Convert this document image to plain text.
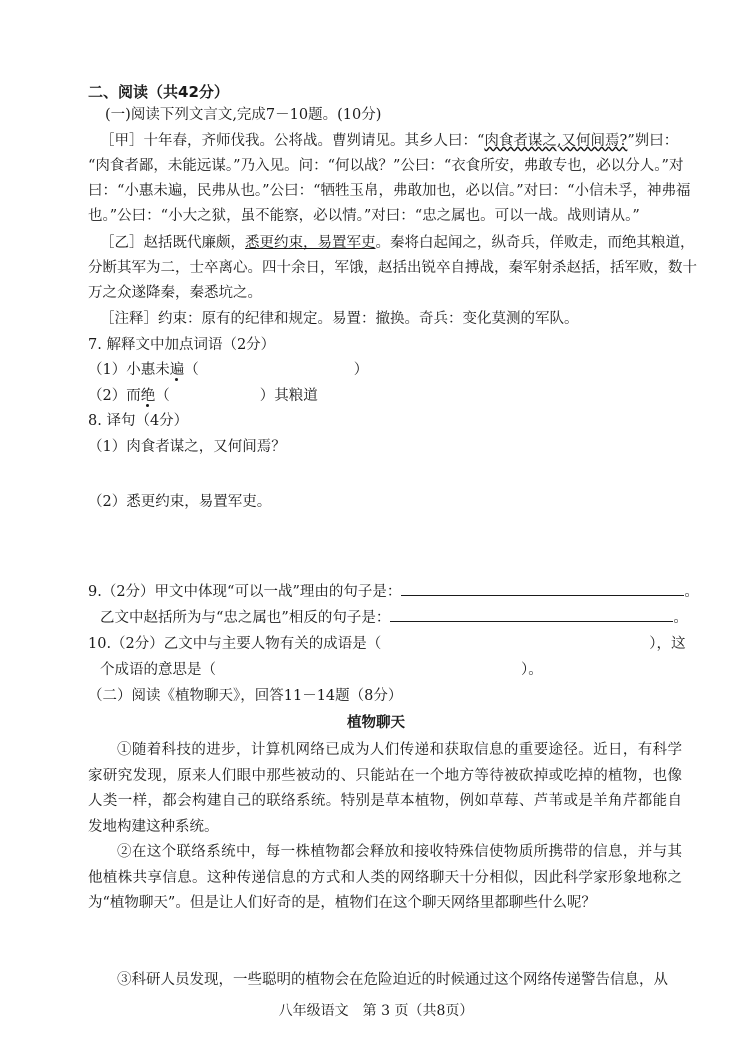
二、阅读（共42分）
(一)阅读下列文言文,完成7－10题。(10分)
［甲］十年春，齐师伐我。公将战。曹刿请见。其乡人曰：“肉食者谋之,又何间焉?”刿曰：
“肉食者鄙，未能远谋。”乃入见。问：“何以战？”公曰：“衣食所安，弗敢专也，必以分人。”对
曰：“小惠未遍，民弗从也。”公曰：“牺牲玉帛，弗敢加也，必以信。”对曰：“小信未孚，神弗福
也。”公曰：“小大之狱，虽不能察，必以情。”对曰：“忠之属也。可以一战。战则请从。”
［乙］赵括既代廉颇，悉更约束，易置军吏。秦将白起闻之，纵奇兵，佯败走，而绝其粮道，
分断其军为二，士卒离心。四十余日，军饿，赵括出锐卒自搏战，秦军射杀赵括，括军败，数十
万之众遂降秦，秦悉坑之。
［注释］约束：原有的纪律和规定。易置：撤换。奇兵：变化莫测的军队。
7. 解释文中加点词语（2分）
（1）小惠未遍（	）
（2）而绝（	）其粮道
8. 译句（4分）
（1）肉食者谋之，又何间焉？
（2）悉更约束，易置军吏。
9.（2分）甲文中体现“可以一战”理由的句子是：	。
乙文中赵括所为与“忠之属也”相反的句子是：	。
10.（2分）乙文中与主要人物有关的成语是（	），这
个成语的意思是（	）。
（二）阅读《植物聊天》，回答11－14题（8分）
植物聊天
①随着科技的进步，计算机网络已成为人们传递和获取信息的重要途径。近日，有科学家研究发现，原来人们眼中那些被动的、只能站在一个地方等待被砍掉或吃掉的植物，也像人类一样，都会构建自己的联络系统。特别是草本植物，例如草莓、芦苇或是羊角芹都能自发地构建这种系统。
②在这个联络系统中，每一株植物都会释放和接收特殊信使物质所携带的信息，并与其他植株共享信息。这种传递信息的方式和人类的网络聊天十分相似，因此科学家形象地称之为“植物聊天”。但是让人们好奇的是，植物们在这个聊天网络里都聊些什么呢？
③科研人员发现，一些聪明的植物会在危险迫近的时候通过这个网络传递警告信息，从
八年级语文　第 3 页（共8页）
